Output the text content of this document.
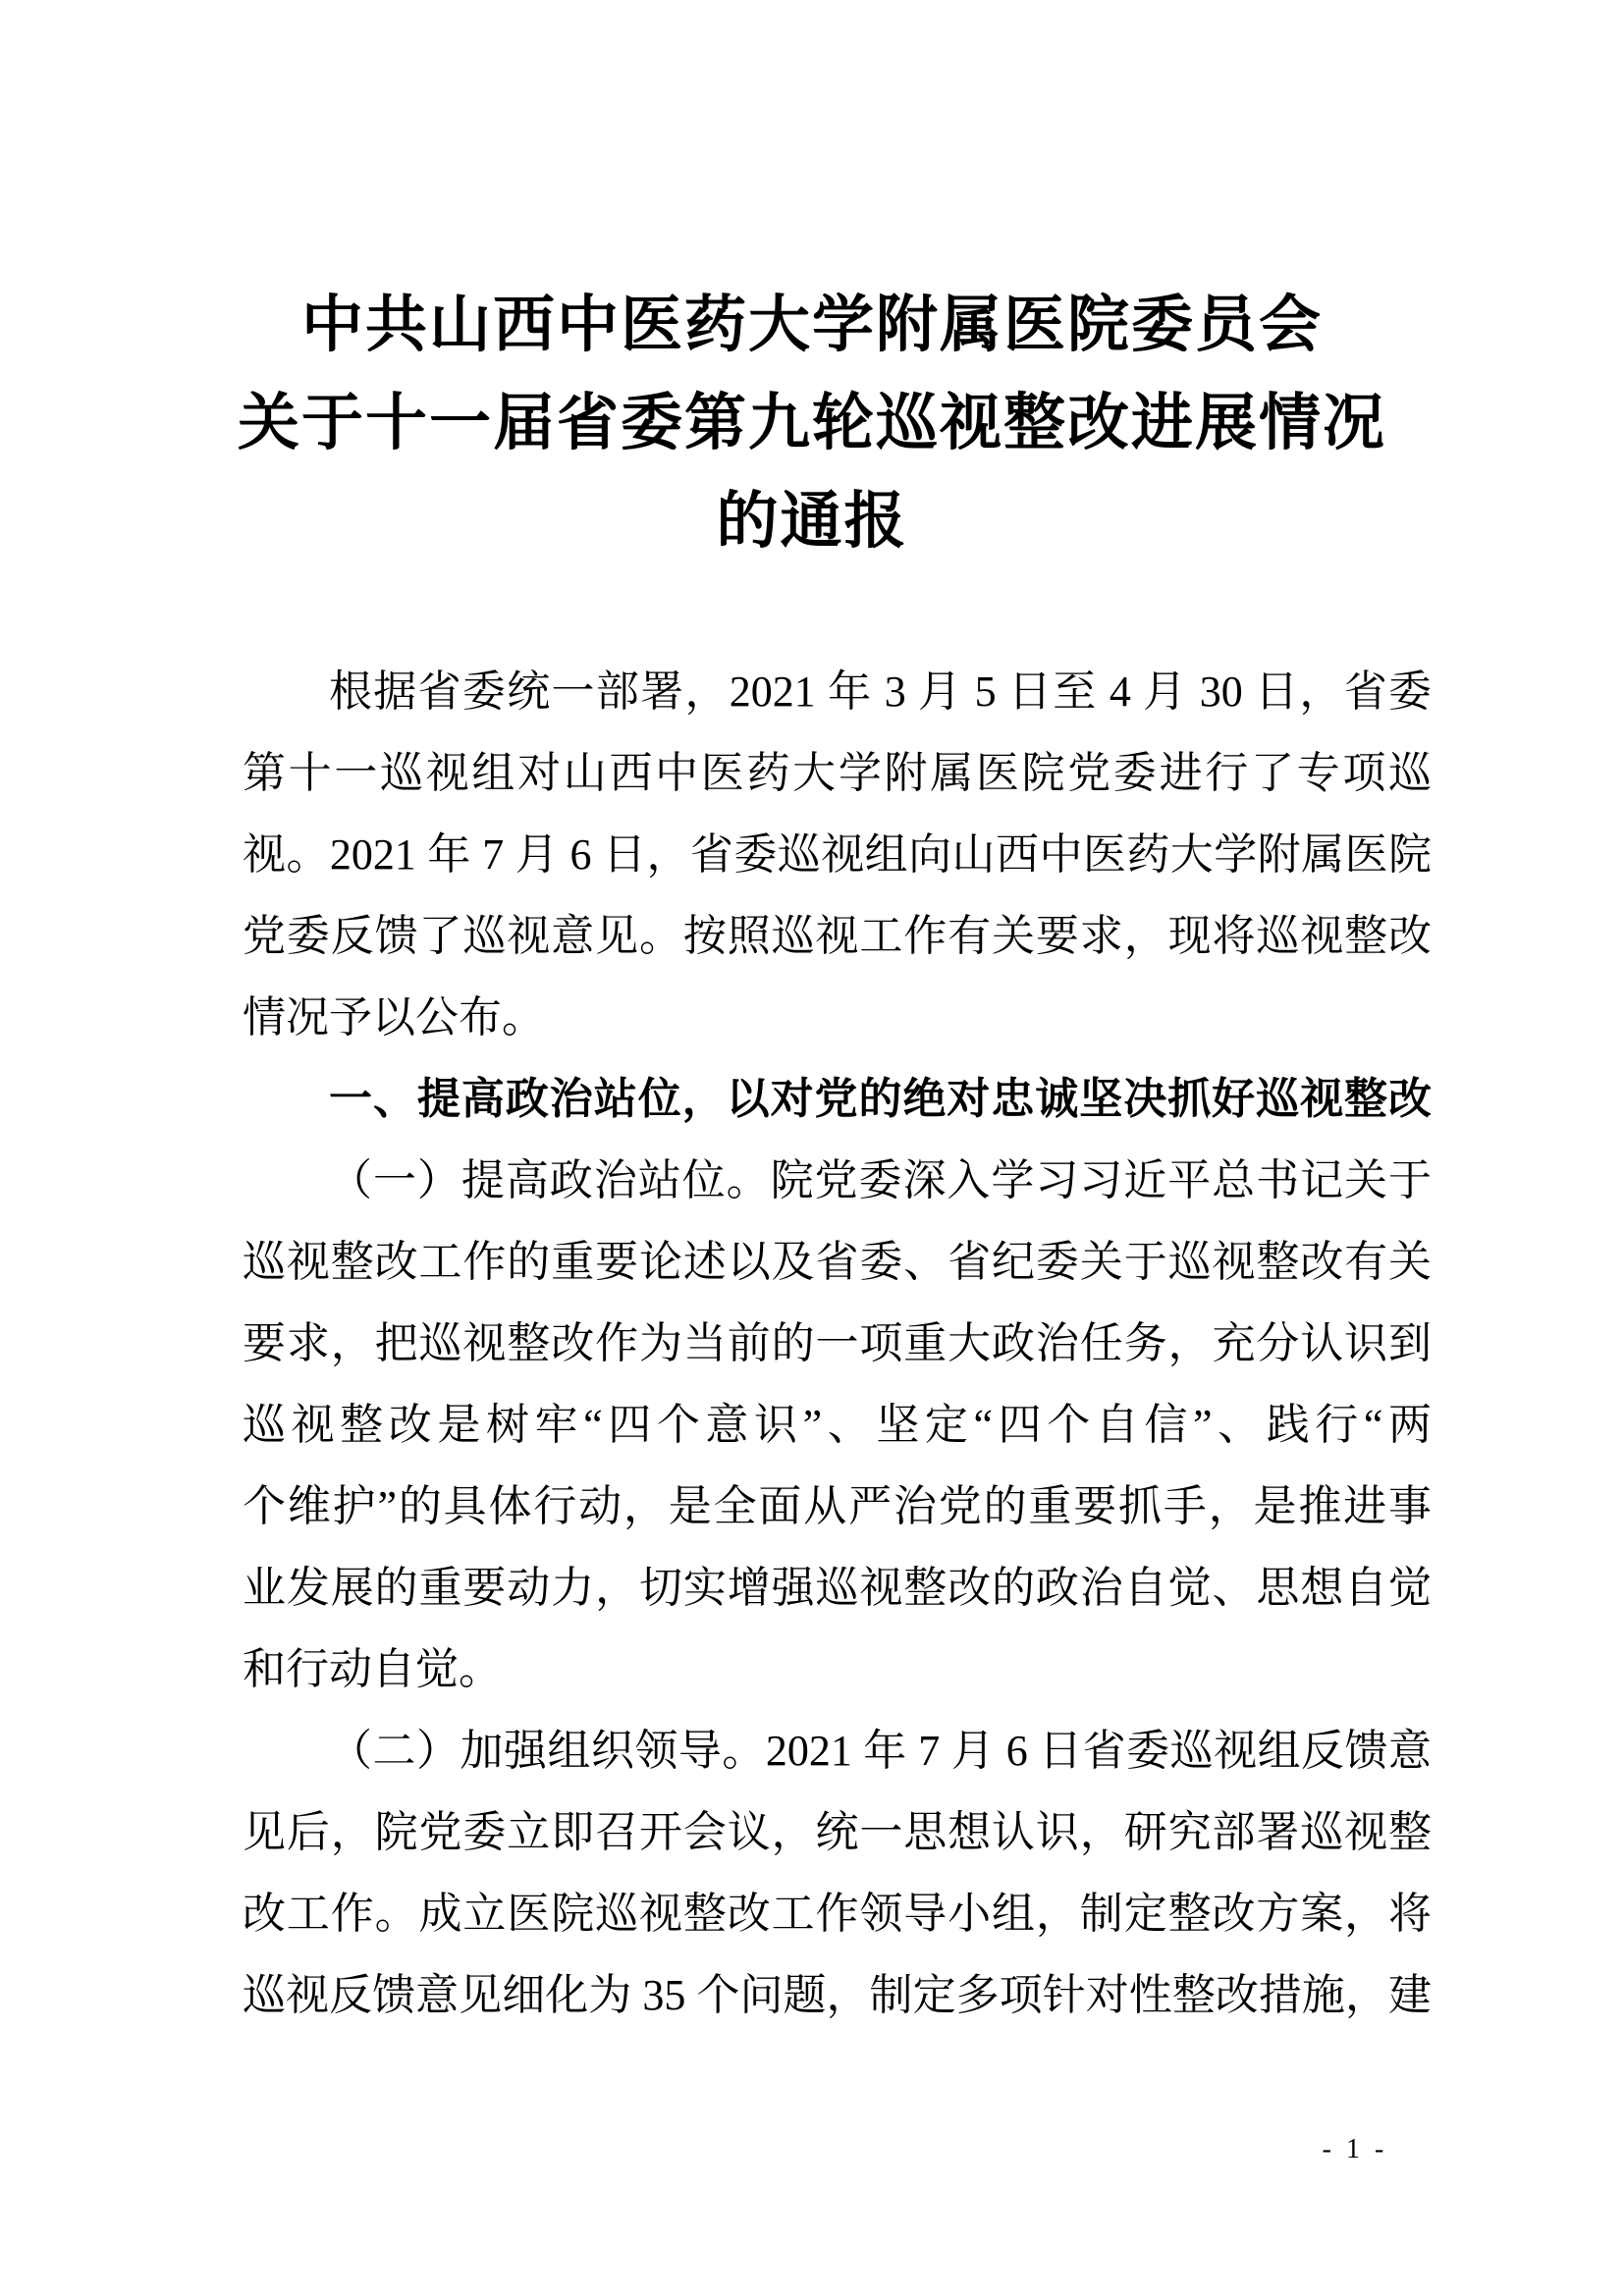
中共山西中医药大学附属医院委员会
关于十一届省委第九轮巡视整改进展情况
的通报

根据省委统一部署，2021 年 3 月 5 日至 4 月 30 日，省委

第十一巡视组对山西中医药大学附属医院党委进行了专项巡

视。2021 年 7 月 6 日，省委巡视组向山西中医药大学附属医院

党委反馈了巡视意见。按照巡视工作有关要求，现将巡视整改

情况予以公布。

一、提高政治站位，以对党的绝对忠诚坚决抓好巡视整改

（一）提高政治站位。院党委深入学习习近平总书记关于

巡视整改工作的重要论述以及省委、省纪委关于巡视整改有关

要求，把巡视整改作为当前的一项重大政治任务，充分认识到

巡视整改是树牢“四个意识”、坚定“四个自信”、践行“两

个维护”的具体行动，是全面从严治党的重要抓手，是推进事

业发展的重要动力，切实增强巡视整改的政治自觉、思想自觉

和行动自觉。

（二）加强组织领导。2021 年 7 月 6 日省委巡视组反馈意

见后，院党委立即召开会议，统一思想认识，研究部署巡视整

改工作。成立医院巡视整改工作领导小组，制定整改方案，将

巡视反馈意见细化为 35 个问题，制定多项针对性整改措施，建

- 1 -
